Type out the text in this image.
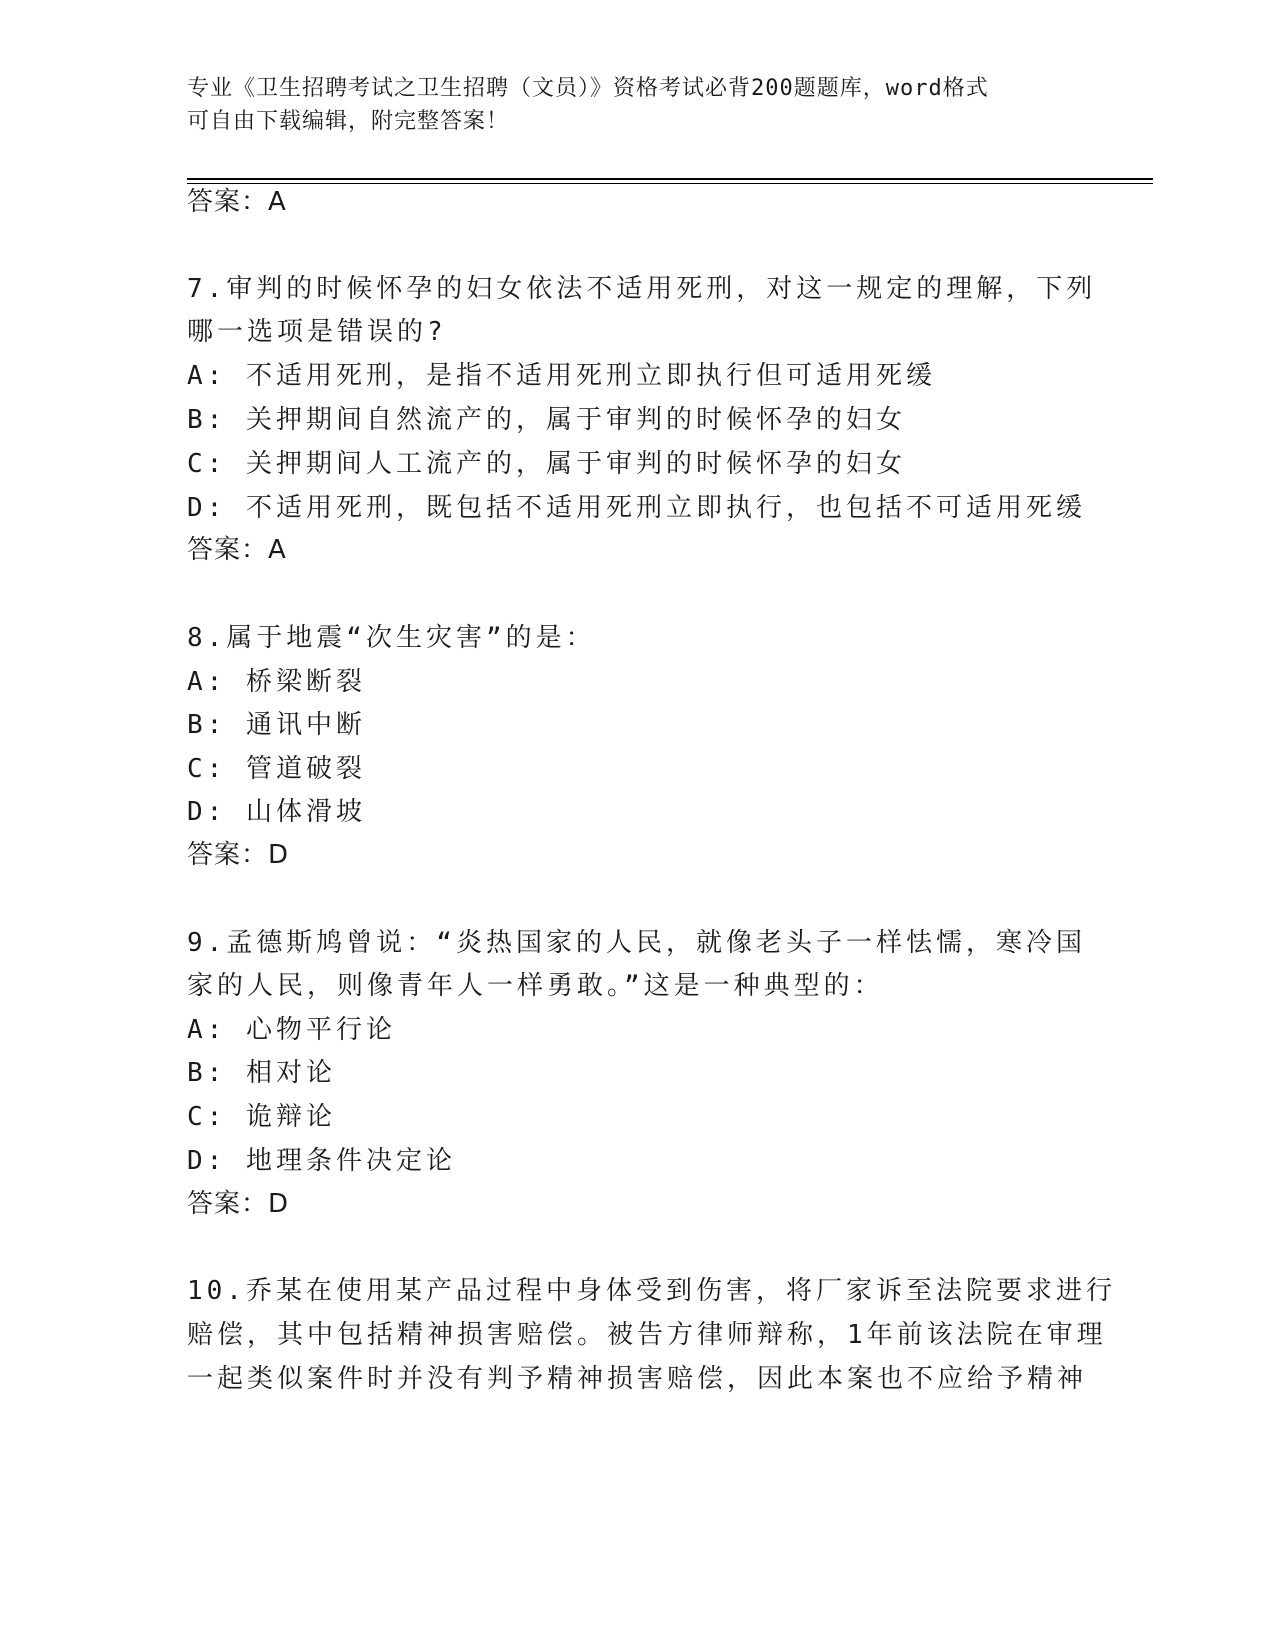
专业《卫生招聘考试之卫生招聘（文员）》资格考试必背200题题库，word格式
可自由下载编辑，附完整答案！
答案：A
7.审判的时候怀孕的妇女依法不适用死刑，对这一规定的理解，下列
哪一选项是错误的?
A: 不适用死刑，是指不适用死刑立即执行但可适用死缓
B: 关押期间自然流产的，属于审判的时候怀孕的妇女
C: 关押期间人工流产的，属于审判的时候怀孕的妇女
D: 不适用死刑，既包括不适用死刑立即执行，也包括不可适用死缓
答案：A
8.属于地震“次生灾害”的是：
A: 桥梁断裂
B: 通讯中断
C: 管道破裂
D: 山体滑坡
答案：D
9.孟德斯鸠曾说：“炎热国家的人民，就像老头子一样怯懦，寒冷国
家的人民，则像青年人一样勇敢。”这是一种典型的：
A: 心物平行论
B: 相对论
C: 诡辩论
D: 地理条件决定论
答案：D
10.乔某在使用某产品过程中身体受到伤害，将厂家诉至法院要求进行
赔偿，其中包括精神损害赔偿。被告方律师辩称，1年前该法院在审理
一起类似案件时并没有判予精神损害赔偿，因此本案也不应给予精神
